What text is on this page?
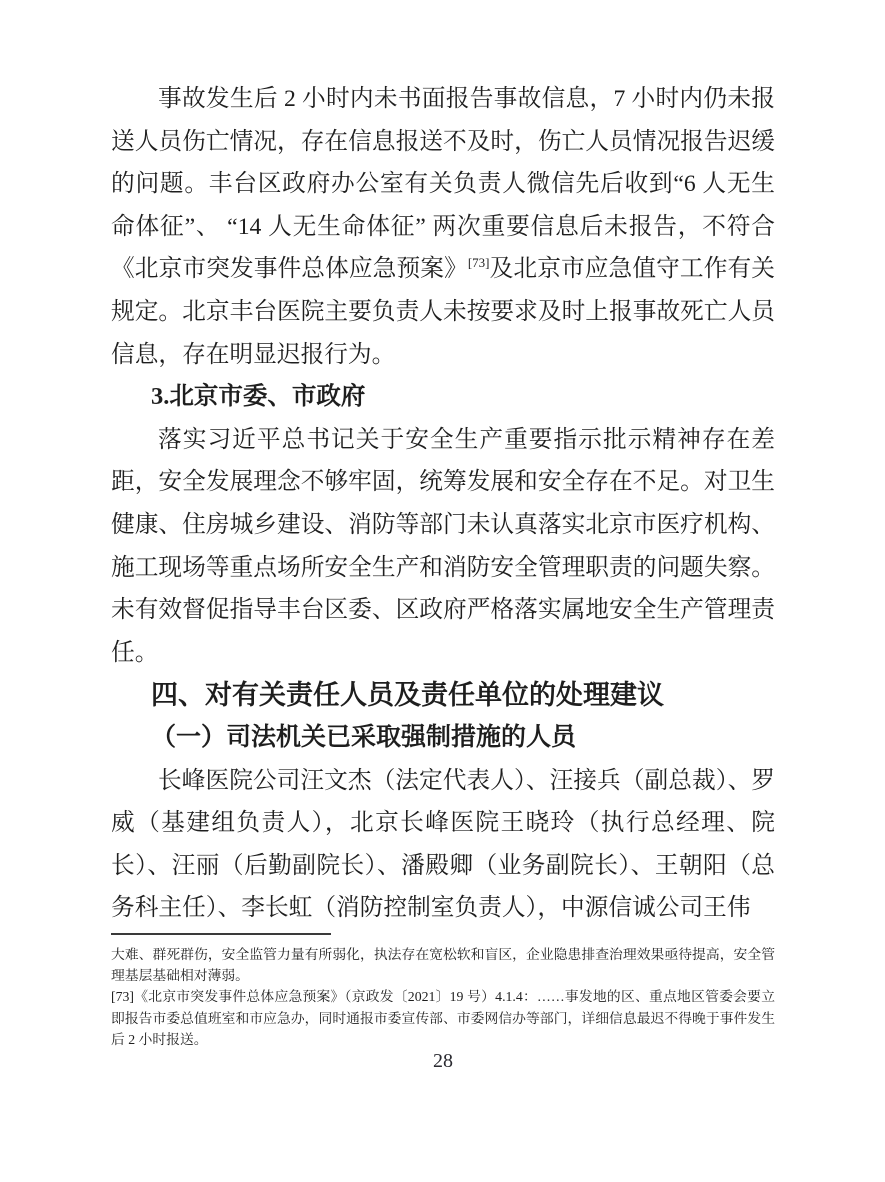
事故发生后 2 小时内未书面报告事故信息，7 小时内仍未报送人员伤亡情况，存在信息报送不及时，伤亡人员情况报告迟缓的问题。丰台区政府办公室有关负责人微信先后收到“6 人无生命体征”、 “14 人无生命体征” 两次重要信息后未报告，不符合《北京市突发事件总体应急预案》[73]及北京市应急值守工作有关规定。北京丰台医院主要负责人未按要求及时上报事故死亡人员信息，存在明显迟报行为。

3.北京市委、市政府

落实习近平总书记关于安全生产重要指示批示精神存在差距，安全发展理念不够牢固，统筹发展和安全存在不足。对卫生健康、住房城乡建设、消防等部门未认真落实北京市医疗机构、施工现场等重点场所安全生产和消防安全管理职责的问题失察。未有效督促指导丰台区委、区政府严格落实属地安全生产管理责任。

四、对有关责任人员及责任单位的处理建议
（一）司法机关已采取强制措施的人员

长峰医院公司汪文杰（法定代表人）、汪接兵（副总裁）、罗威（基建组负责人），北京长峰医院王晓玲（执行总经理、院长）、汪丽（后勤副院长）、潘殿卿（业务副院长）、王朝阳（总务科主任）、李长虹（消防控制室负责人），中源信诚公司王伟

大难、群死群伤，安全监管力量有所弱化，执法存在宽松软和盲区，企业隐患排查治理效果亟待提高，安全管理基层基础相对薄弱。

[73]《北京市突发事件总体应急预案》（京政发〔2021〕19 号）4.1.4：……事发地的区、重点地区管委会要立即报告市委总值班室和市应急办，同时通报市委宣传部、市委网信办等部门，详细信息最迟不得晚于事件发生后 2 小时报送。

28
